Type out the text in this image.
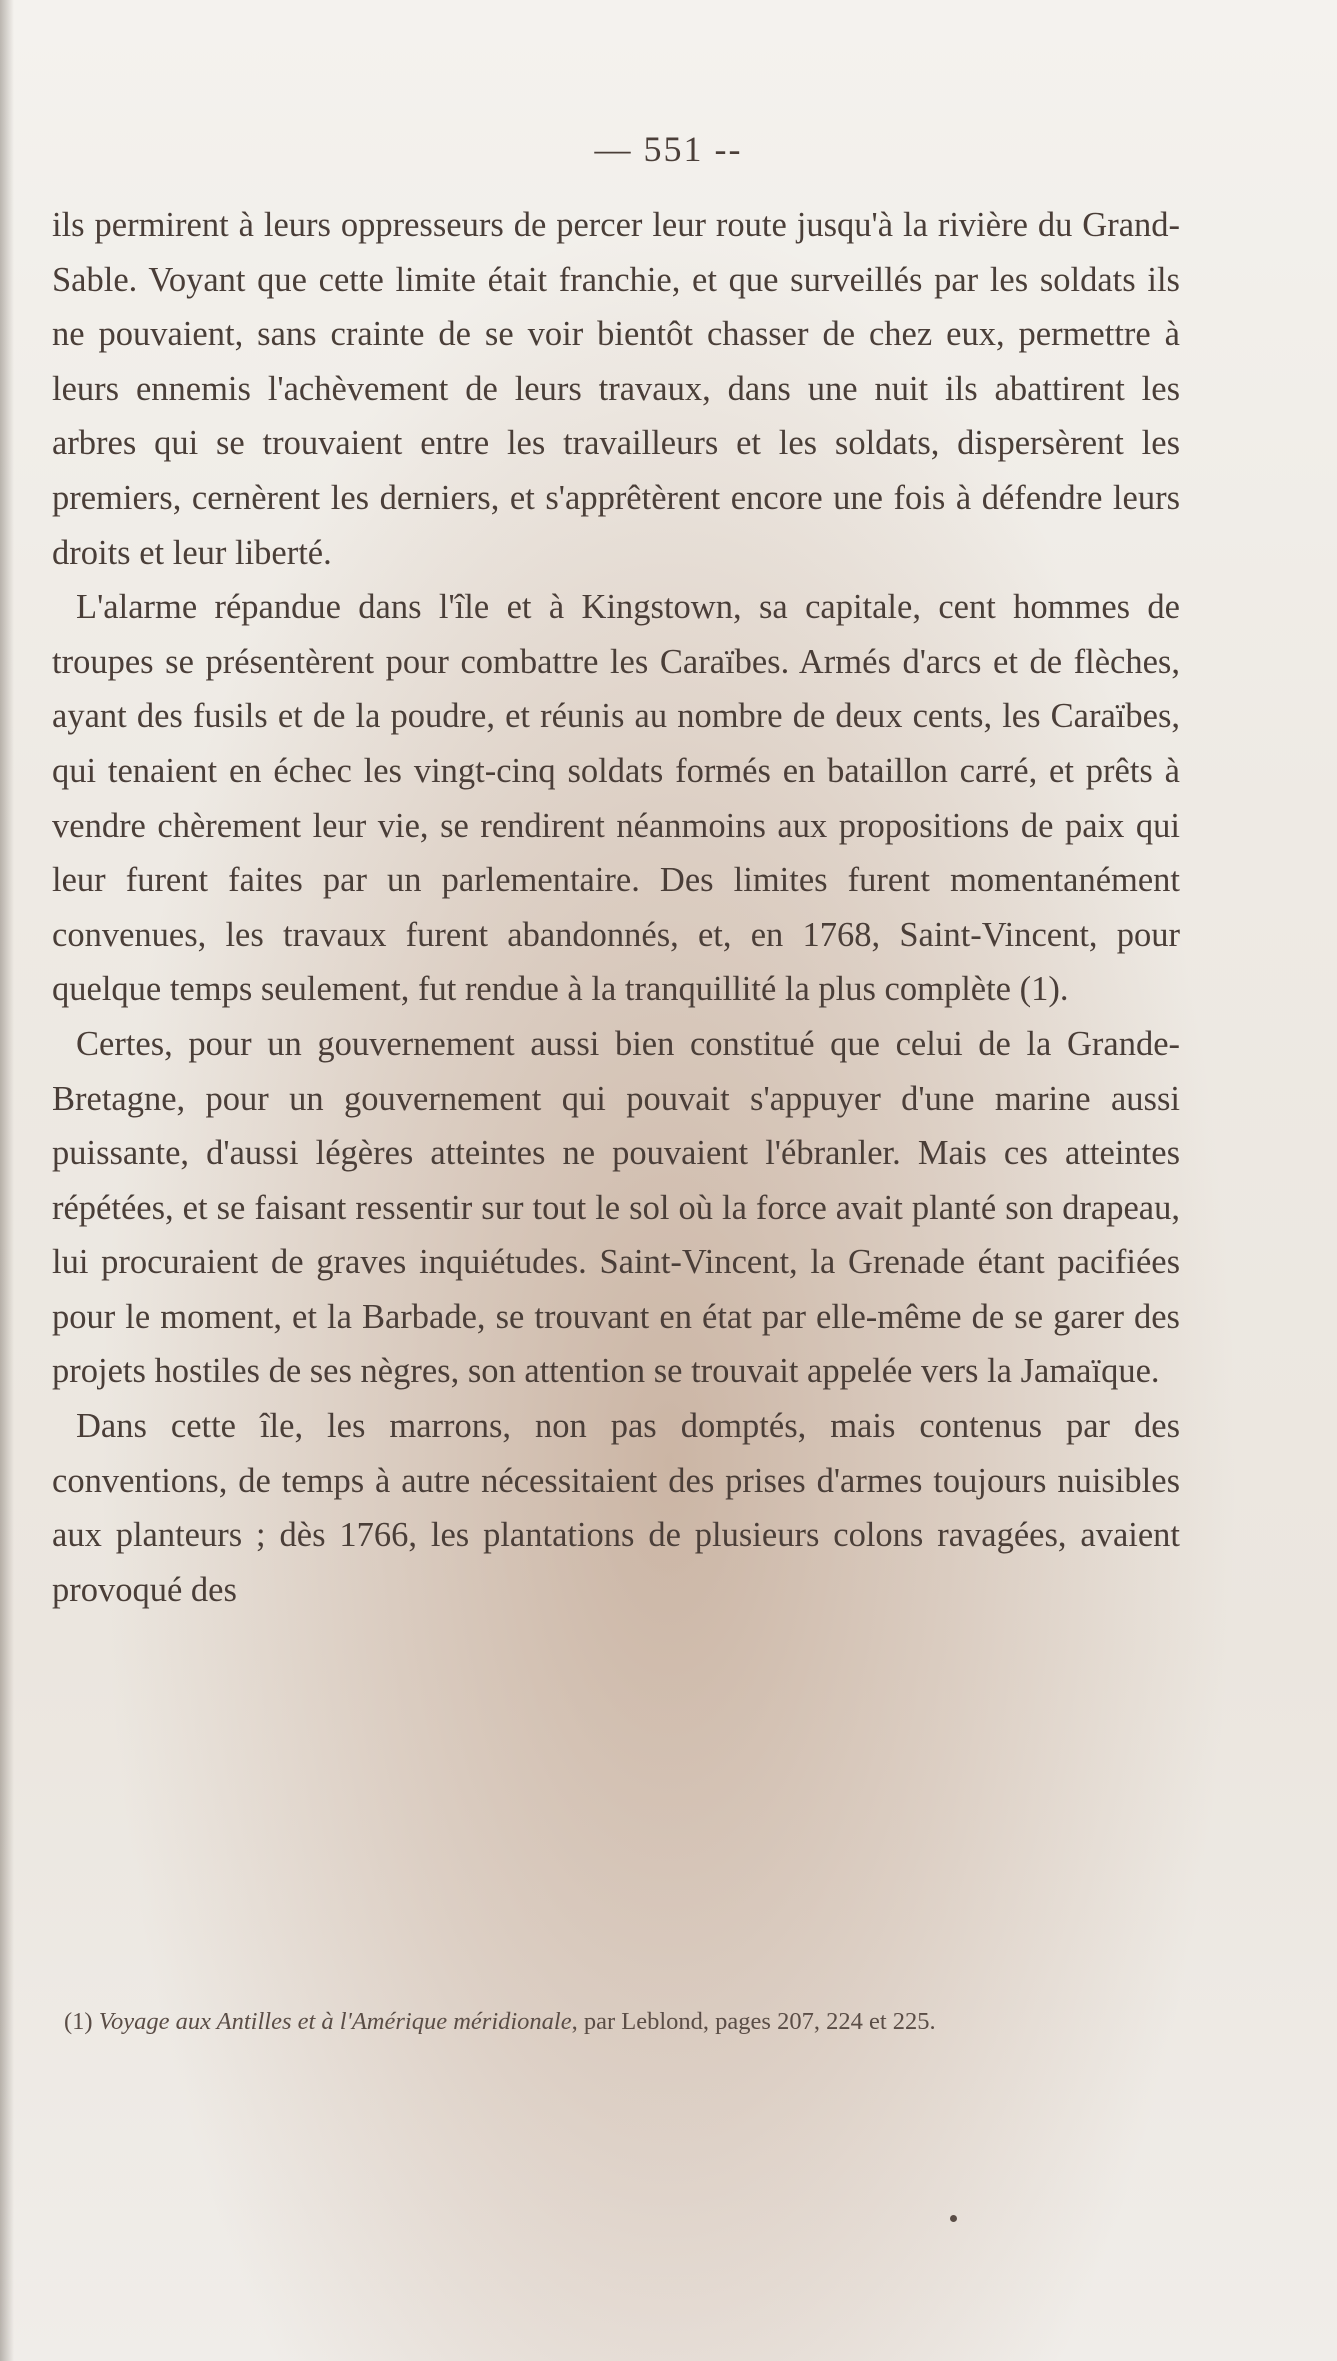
— 551 --

ils permirent à leurs oppresseurs de percer leur route jusqu'à la rivière du Grand-Sable. Voyant que cette limite était franchie, et que surveillés par les soldats ils ne pouvaient, sans crainte de se voir bientôt chasser de chez eux, permettre à leurs ennemis l'achèvement de leurs travaux, dans une nuit ils abattirent les arbres qui se trouvaient entre les travailleurs et les soldats, dispersèrent les premiers, cernèrent les derniers, et s'apprêtèrent encore une fois à défendre leurs droits et leur liberté.

L'alarme répandue dans l'île et à Kingstown, sa capitale, cent hommes de troupes se présentèrent pour combattre les Caraïbes. Armés d'arcs et de flèches, ayant des fusils et de la poudre, et réunis au nombre de deux cents, les Caraïbes, qui tenaient en échec les vingt-cinq soldats formés en bataillon carré, et prêts à vendre chèrement leur vie, se rendirent néanmoins aux propositions de paix qui leur furent faites par un parlementaire. Des limites furent momentanément convenues, les travaux furent abandonnés, et, en 1768, Saint-Vincent, pour quelque temps seulement, fut rendue à la tranquillité la plus complète (1).

Certes, pour un gouvernement aussi bien constitué que celui de la Grande-Bretagne, pour un gouvernement qui pouvait s'appuyer d'une marine aussi puissante, d'aussi légères atteintes ne pouvaient l'ébranler. Mais ces atteintes répétées, et se faisant ressentir sur tout le sol où la force avait planté son drapeau, lui procuraient de graves inquiétudes. Saint-Vincent, la Grenade étant pacifiées pour le moment, et la Barbade, se trouvant en état par elle-même de se garer des projets hostiles de ses nègres, son attention se trouvait appelée vers la Jamaïque.

Dans cette île, les marrons, non pas domptés, mais contenus par des conventions, de temps à autre nécessitaient des prises d'armes toujours nuisibles aux planteurs ; dès 1766, les plantations de plusieurs colons ravagées, avaient provoqué des

(1) Voyage aux Antilles et à l'Amérique méridionale, par Leblond, pages 207, 224 et 225.
